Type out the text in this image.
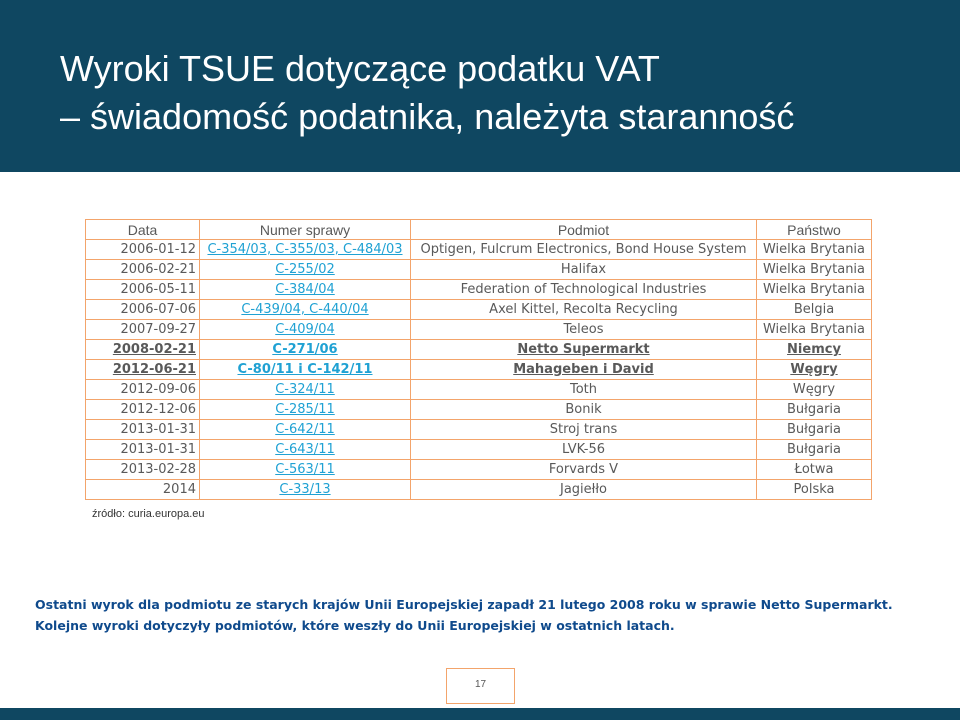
Wyroki TSUE dotyczące podatku VAT
– świadomość podatnika, należyta staranność
Data	Numer sprawy	Podmiot	Państwo
2006-01-12	C-354/03, C-355/03, C-484/03	Optigen, Fulcrum Electronics, Bond House System	Wielka Brytania
2006-02-21	C-255/02	Halifax	Wielka Brytania
2006-05-11	C-384/04	Federation of Technological Industries	Wielka Brytania
2006-07-06	C-439/04, C-440/04	Axel Kittel, Recolta Recycling	Belgia
2007-09-27	C-409/04	Teleos	Wielka Brytania
2008-02-21	C-271/06	Netto Supermarkt	Niemcy
2012-06-21	C-80/11 i C-142/11	Mahageben i David	Węgry
2012-09-06	C-324/11	Toth	Węgry
2012-12-06	C-285/11	Bonik	Bułgaria
2013-01-31	C-642/11	Stroj trans	Bułgaria
2013-01-31	C-643/11	LVK-56	Bułgaria
2013-02-28	C-563/11	Forvards V	Łotwa
2014	C-33/13	Jagiełło	Polska
źródło: curia.europa.eu
Ostatni wyrok dla podmiotu ze starych krajów Unii Europejskiej zapadł 21 lutego 2008 roku w sprawie Netto Supermarkt.
Kolejne wyroki dotyczyły podmiotów, które weszły do Unii Europejskiej w ostatnich latach.
17
